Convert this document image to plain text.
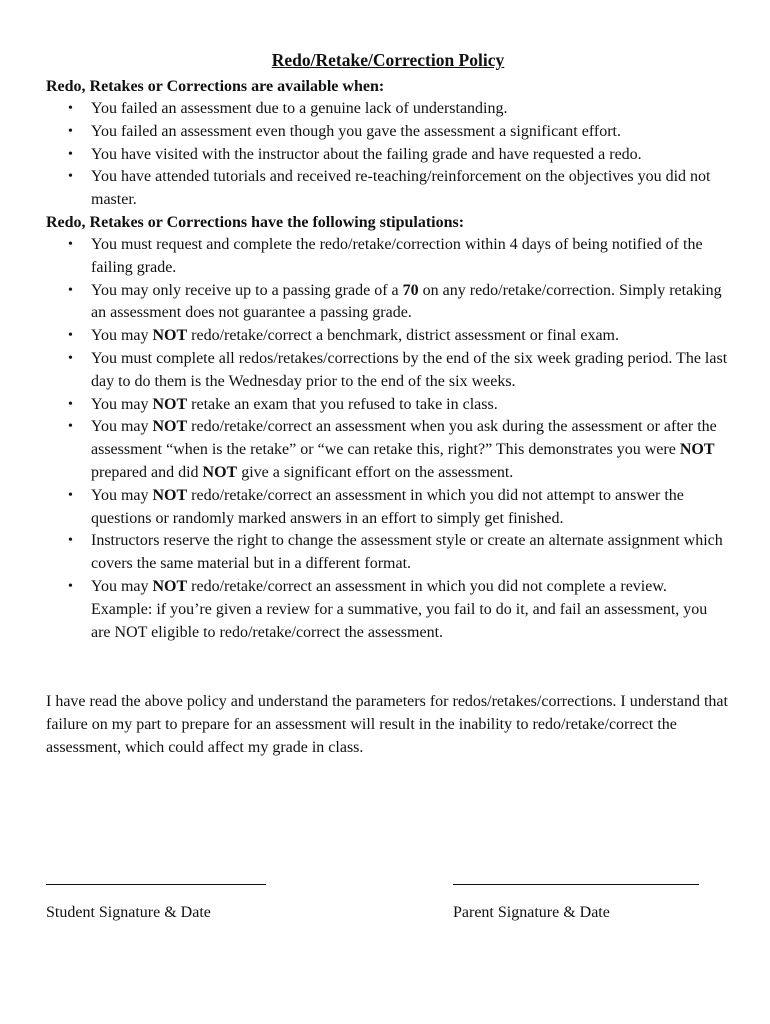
Redo/Retake/Correction Policy

Redo, Retakes or Corrections are available when:

• You failed an assessment due to a genuine lack of understanding.
• You failed an assessment even though you gave the assessment a significant effort.
• You have visited with the instructor about the failing grade and have requested a redo.
• You have attended tutorials and received re-teaching/reinforcement on the objectives you did not master.

Redo, Retakes or Corrections have the following stipulations:

• You must request and complete the redo/retake/correction within 4 days of being notified of the failing grade.
• You may only receive up to a passing grade of a 70 on any redo/retake/correction. Simply retaking an assessment does not guarantee a passing grade.
• You may NOT redo/retake/correct a benchmark, district assessment or final exam.
• You must complete all redos/retakes/corrections by the end of the six week grading period. The last day to do them is the Wednesday prior to the end of the six weeks.
• You may NOT retake an exam that you refused to take in class.
• You may NOT redo/retake/correct an assessment when you ask during the assessment or after the assessment “when is the retake” or “we can retake this, right?” This demonstrates you were NOT prepared and did NOT give a significant effort on the assessment.
• You may NOT redo/retake/correct an assessment in which you did not attempt to answer the questions or randomly marked answers in an effort to simply get finished.
• Instructors reserve the right to change the assessment style or create an alternate assignment which covers the same material but in a different format.
• You may NOT redo/retake/correct an assessment in which you did not complete a review. Example: if you’re given a review for a summative, you fail to do it, and fail an assessment, you are NOT eligible to redo/retake/correct the assessment.

I have read the above policy and understand the parameters for redos/retakes/corrections. I understand that failure on my part to prepare for an assessment will result in the inability to redo/retake/correct the assessment, which could affect my grade in class.

Student Signature & Date	Parent Signature & Date
